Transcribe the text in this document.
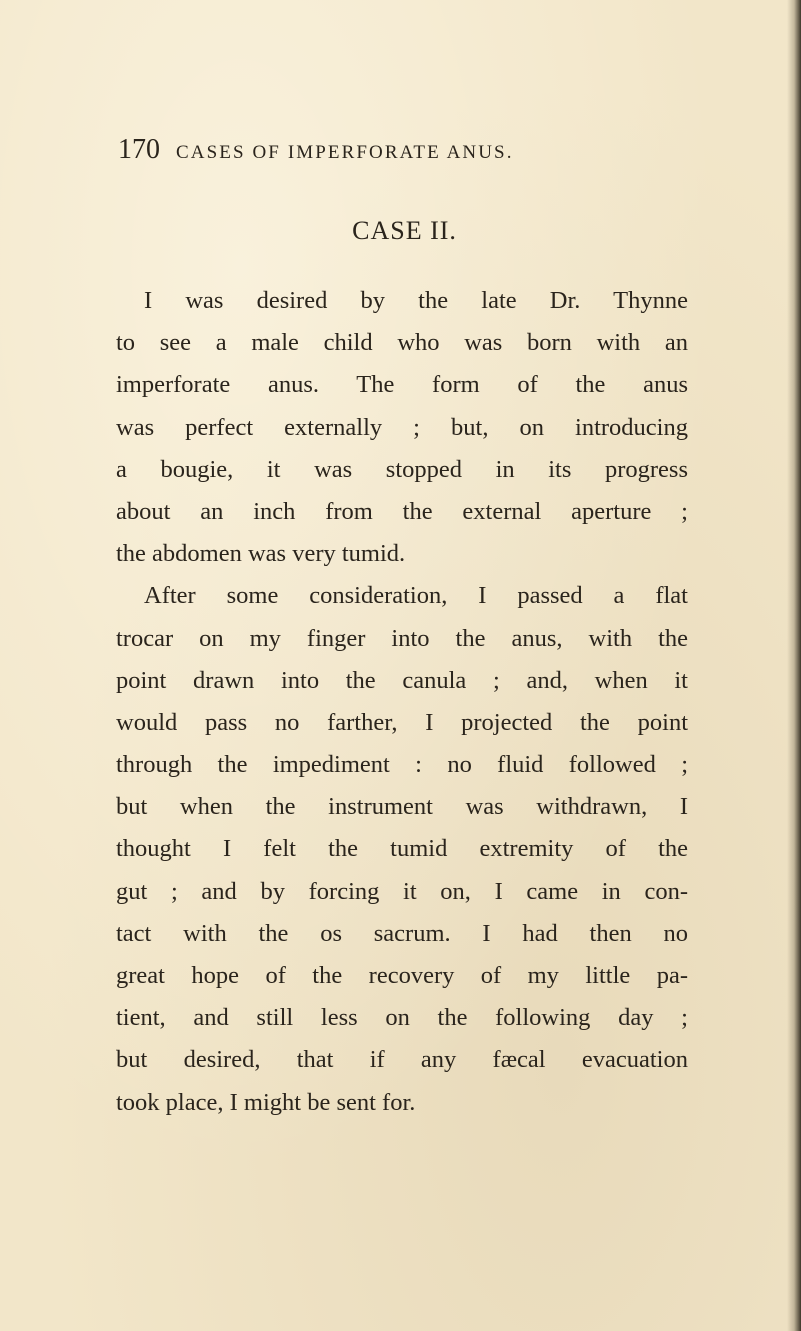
170 CASES OF IMPERFORATE ANUS.
CASE II.
I was desired by the late Dr. Thynne
to see a male child who was born with an
imperforate anus. The form of the anus
was perfect externally ; but, on introducing
a bougie, it was stopped in its progress
about an inch from the external aperture ;
the abdomen was very tumid.
After some consideration, I passed a flat
trocar on my finger into the anus, with the
point drawn into the canula ; and, when it
would pass no farther, I projected the point
through the impediment : no fluid followed ;
but when the instrument was withdrawn, I
thought I felt the tumid extremity of the
gut ; and by forcing it on, I came in con-
tact with the os sacrum. I had then no
great hope of the recovery of my little pa-
tient, and still less on the following day ;
but desired, that if any fæcal evacuation
took place, I might be sent for.
